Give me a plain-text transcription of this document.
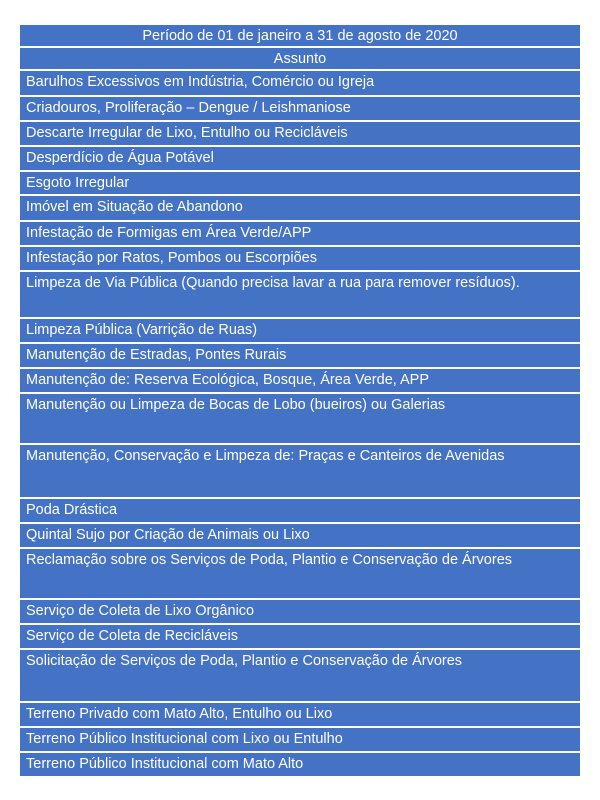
Período de 01 de janeiro a 31 de agosto de 2020
Assunto
Barulhos Excessivos em Indústria, Comércio ou Igreja
Criadouros, Proliferação – Dengue / Leishmaniose
Descarte Irregular de Lixo, Entulho ou Recicláveis
Desperdício de Água Potável
Esgoto Irregular
Imóvel em Situação de Abandono
Infestação de Formigas em Área Verde/APP
Infestação por Ratos, Pombos ou Escorpiões
Limpeza de Via Pública (Quando precisa lavar a rua para remover resíduos).
Limpeza Pública (Varrição de Ruas)
Manutenção de Estradas, Pontes Rurais
Manutenção de: Reserva Ecológica, Bosque, Área Verde, APP
Manutenção ou Limpeza de Bocas de Lobo (bueiros) ou Galerias
Manutenção, Conservação e Limpeza de: Praças e Canteiros de Avenidas
Poda Drástica
Quintal Sujo por Criação de Animais ou Lixo
Reclamação sobre os Serviços de Poda, Plantio e Conservação de Árvores
Serviço de Coleta de Lixo Orgânico
Serviço de Coleta de Recicláveis
Solicitação de Serviços de Poda, Plantio e Conservação de Árvores
Terreno Privado com Mato Alto, Entulho ou Lixo
Terreno Público Institucional com Lixo ou Entulho
Terreno Público Institucional com Mato Alto
